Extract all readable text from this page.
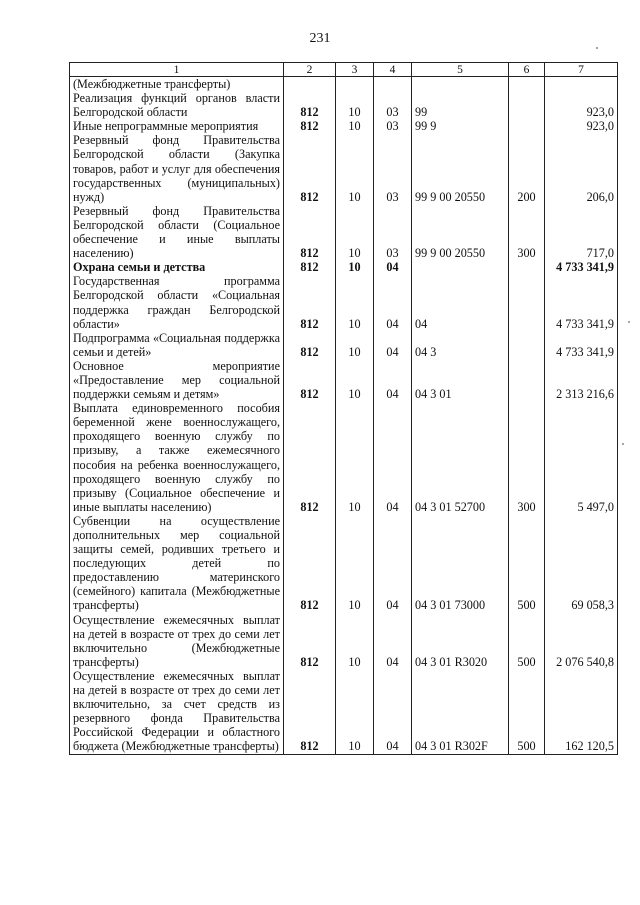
231
1	2	3	4	5	6	7
(Межбюджетные трансферты)						
Реализация функций органов власти Белгородской области	812	10	03	99		923,0
Иные непрограммные мероприятия	812	10	03	99 9		923,0
Резервный фонд Правительства Белгородской области (Закупка товаров, работ и услуг для обеспечения государственных (муниципальных) нужд)	812	10	03	99 9 00 20550	200	206,0
Резервный фонд Правительства Белгородской области (Социальное обеспечение и иные выплаты населению)	812	10	03	99 9 00 20550	300	717,0
Охрана семьи и детства	812	10	04			4 733 341,9
Государственная программа Белгородской области «Социальная поддержка граждан Белгородской области»	812	10	04	04		4 733 341,9
Подпрограмма «Социальная поддержка семьи и детей»	812	10	04	04 3		4 733 341,9
Основное мероприятие «Предоставление мер социальной поддержки семьям и детям»	812	10	04	04 3 01		2 313 216,6
Выплата единовременного пособия беременной жене военнослужащего, проходящего военную службу по призыву, а также ежемесячного пособия на ребенка военнослужащего, проходящего военную службу по призыву (Социальное обеспечение и иные выплаты населению)	812	10	04	04 3 01 52700	300	5 497,0
Субвенции на осуществление дополнительных мер социальной защиты семей, родивших третьего и последующих детей по предоставлению материнского (семейного) капитала (Межбюджетные трансферты)	812	10	04	04 3 01 73000	500	69 058,3
Осуществление ежемесячных выплат на детей в возрасте от трех до семи лет включительно (Межбюджетные трансферты)	812	10	04	04 3 01 R3020	500	2 076 540,8
Осуществление ежемесячных выплат на детей в возрасте от трех до семи лет включительно, за счет средств из резервного фонда Правительства Российской Федерации и областного бюджета (Межбюджетные трансферты)	812	10	04	04 3 01 R302F	500	162 120,5
